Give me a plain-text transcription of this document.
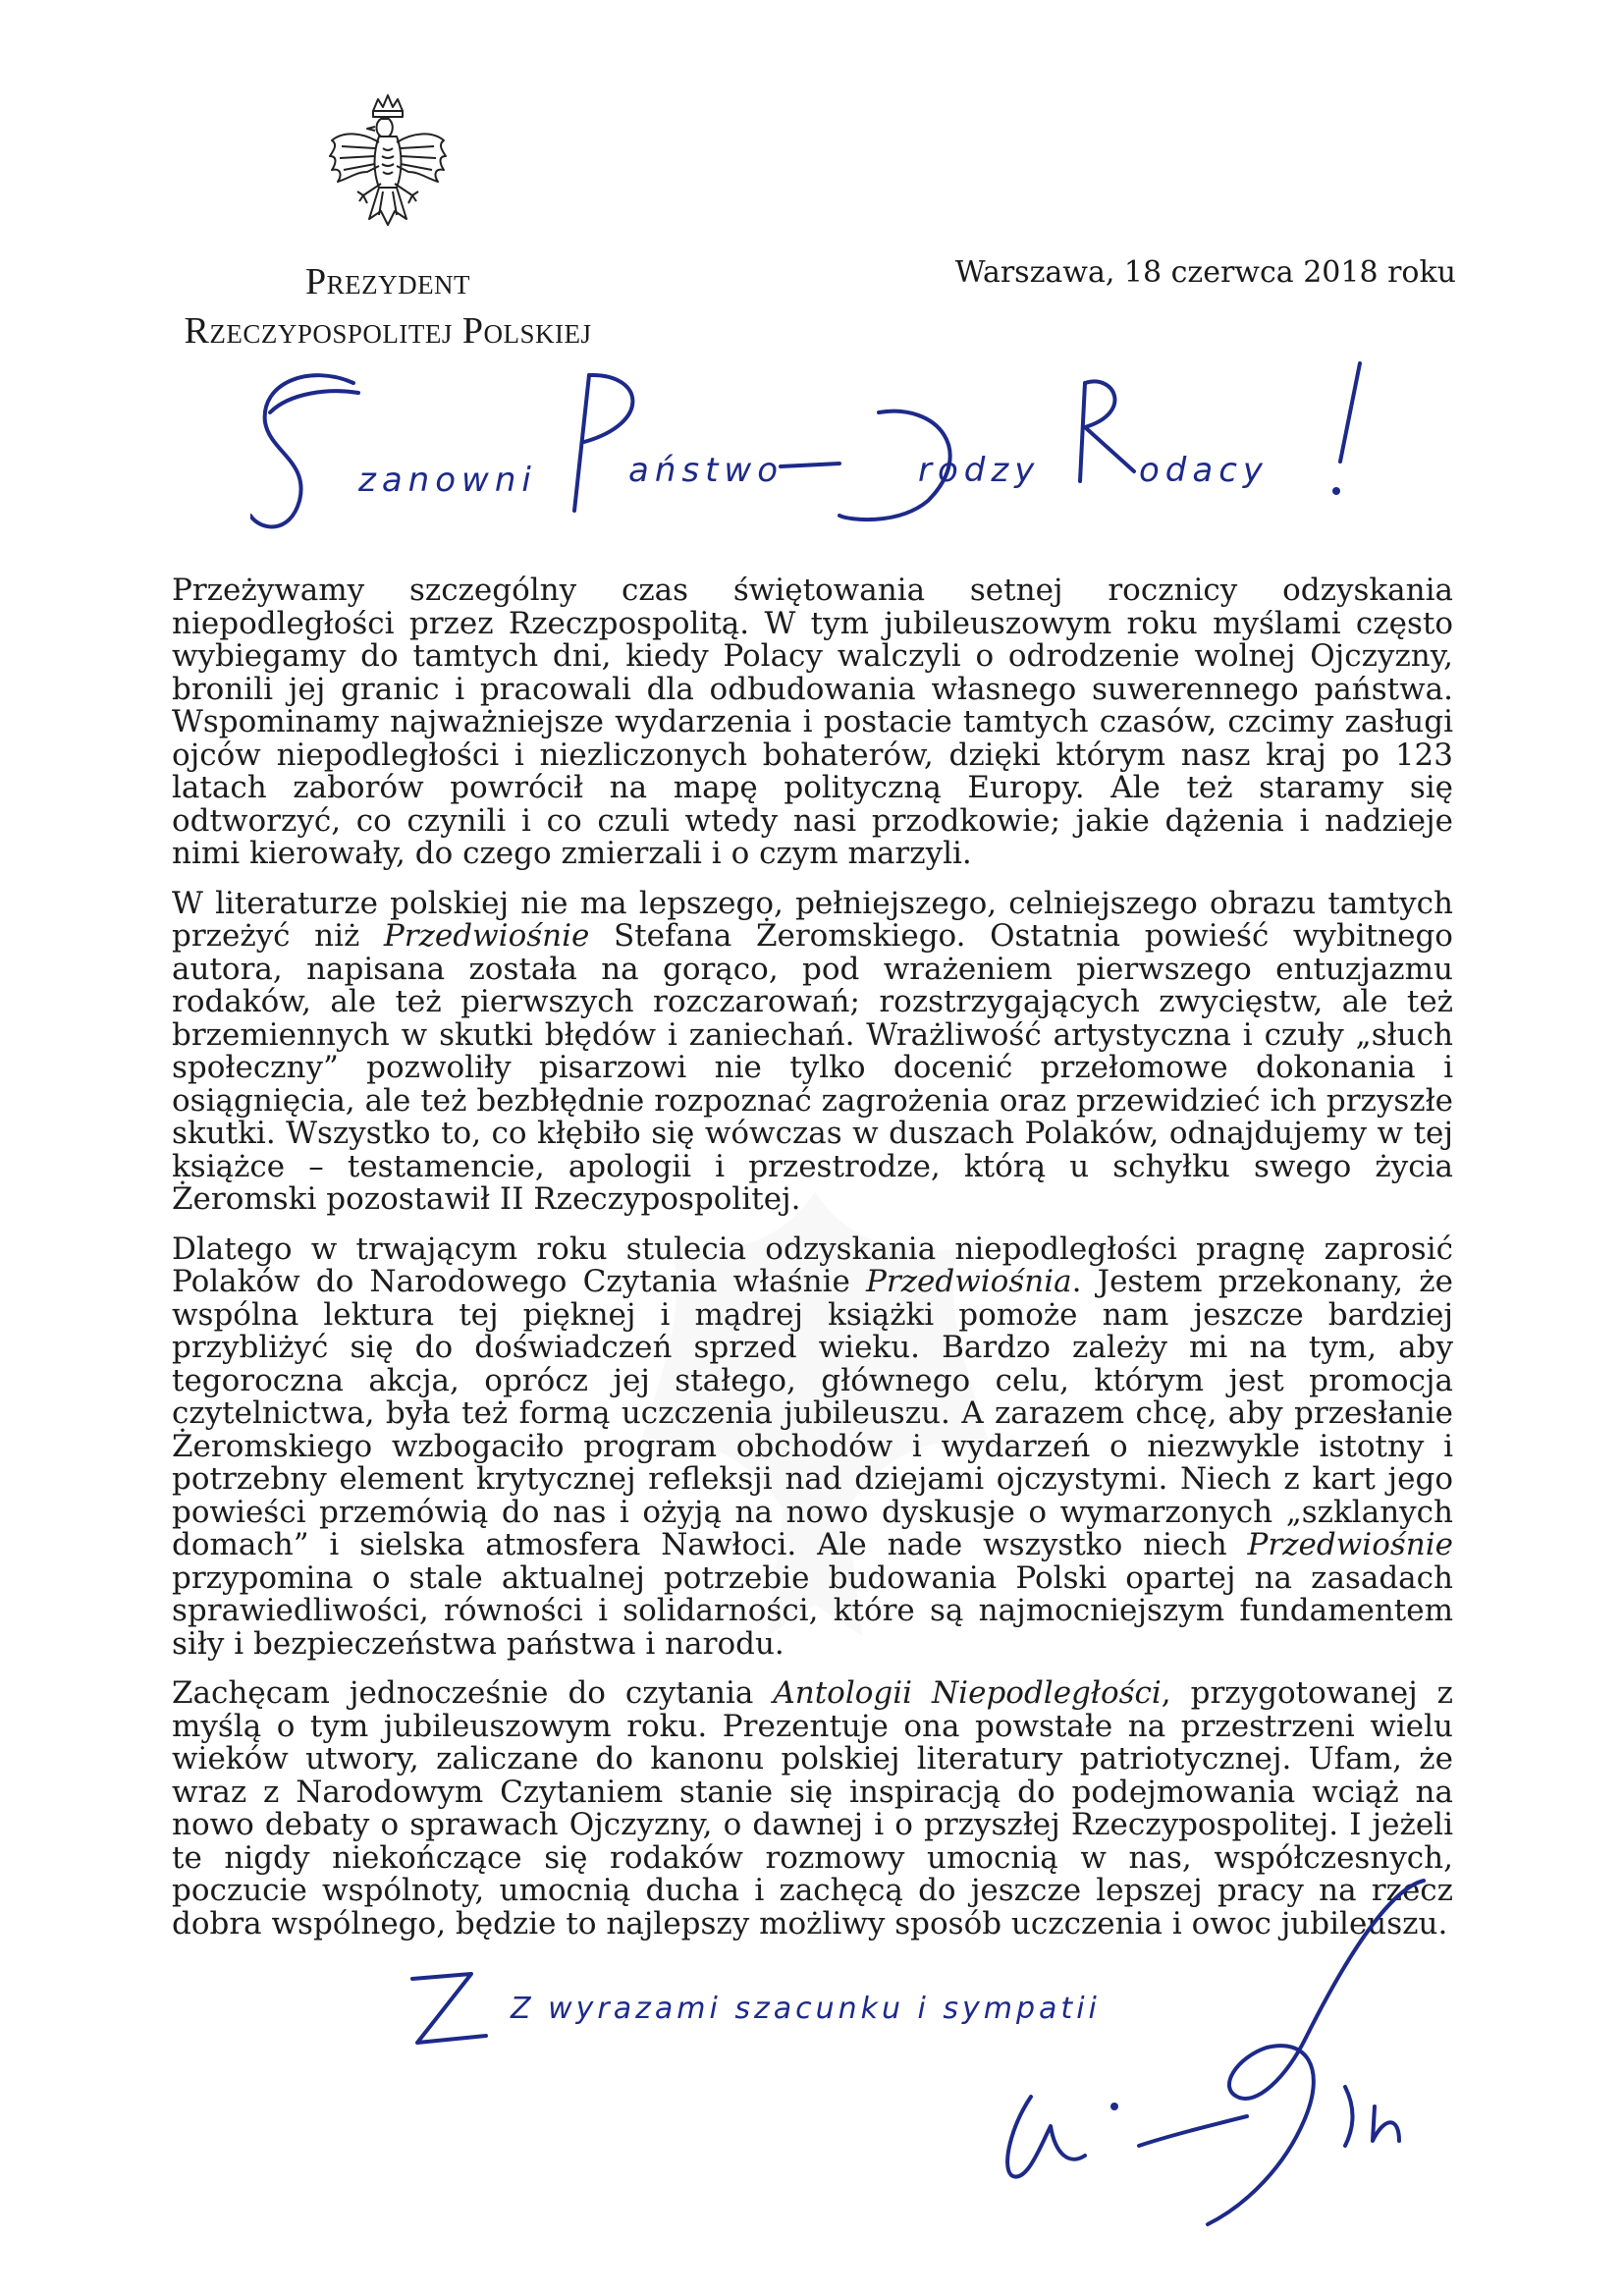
Prezydent
Rzeczypospolitej Polskiej
Warszawa, 18 czerwca 2018 roku
zanowni	aństwo	rodzy	odacy

Przeżywamy szczególny czas świętowania setnej rocznicy odzyskania niepodległości przez Rzeczpospolitą. W tym jubileuszowym roku myślami często wybiegamy do tamtych dni, kiedy Polacy walczyli o odrodzenie wolnej Ojczyzny, bronili jej granic i pracowali dla odbudowania własnego suwerennego państwa. Wspominamy najważniejsze wydarzenia i postacie tamtych czasów, czcimy zasługi ojców niepodległości i niezliczonych bohaterów, dzięki którym nasz kraj po 123 latach zaborów powrócił na mapę polityczną Europy. Ale też staramy się odtworzyć, co czynili i co czuli wtedy nasi przodkowie; jakie dążenia i nadzieje nimi kierowały, do czego zmierzali i o czym marzyli.

W literaturze polskiej nie ma lepszego, pełniejszego, celniejszego obrazu tamtych przeżyć niż Przedwiośnie Stefana Żeromskiego. Ostatnia powieść wybitnego autora, napisana została na gorąco, pod wrażeniem pierwszego entuzjazmu rodaków, ale też pierwszych rozczarowań; rozstrzygających zwycięstw, ale też brzemiennych w skutki błędów i zaniechań. Wrażliwość artystyczna i czuły „słuch społeczny” pozwoliły pisarzowi nie tylko docenić przełomowe dokonania i osiągnięcia, ale też bezbłędnie rozpoznać zagrożenia oraz przewidzieć ich przyszłe skutki. Wszystko to, co kłębiło się wówczas w duszach Polaków, odnajdujemy w tej książce – testamencie, apologii i przestrodze, którą u schyłku swego życia Żeromski pozostawił II Rzeczypospolitej.

Dlatego w trwającym roku stulecia odzyskania niepodległości pragnę zaprosić Polaków do Narodowego Czytania właśnie Przedwiośnia. Jestem przekonany, że wspólna lektura tej pięknej i mądrej książki pomoże nam jeszcze bardziej przybliżyć się do doświadczeń sprzed wieku. Bardzo zależy mi na tym, aby tegoroczna akcja, oprócz jej stałego, głównego celu, którym jest promocja czytelnictwa, była też formą uczczenia jubileuszu. A zarazem chcę, aby przesłanie Żeromskiego wzbogaciło program obchodów i wydarzeń o niezwykle istotny i potrzebny element krytycznej refleksji nad dziejami ojczystymi. Niech z kart jego powieści przemówią do nas i ożyją na nowo dyskusje o wymarzonych „szklanych domach” i sielska atmosfera Nawłoci. Ale nade wszystko niech Przedwiośnie przypomina o stale aktualnej potrzebie budowania Polski opartej na zasadach sprawiedliwości, równości i solidarności, które są najmocniejszym fundamentem siły i bezpieczeństwa państwa i narodu.

Zachęcam jednocześnie do czytania Antologii Niepodległości, przygotowanej z myślą o tym jubileuszowym roku. Prezentuje ona powstałe na przestrzeni wielu wieków utwory, zaliczane do kanonu polskiej literatury patriotycznej. Ufam, że wraz z Narodowym Czytaniem stanie się inspiracją do podejmowania wciąż na nowo debaty o sprawach Ojczyzny, o dawnej i o przyszłej Rzeczypospolitej. I jeżeli te nigdy niekończące się rodaków rozmowy umocnią w nas, współczesnych, poczucie wspólnoty, umocnią ducha i zachęcą do jeszcze lepszej pracy na rzecz dobra wspólnego, będzie to najlepszy możliwy sposób uczczenia i owoc jubileuszu.

Z wyrazami szacunku i sympatii
